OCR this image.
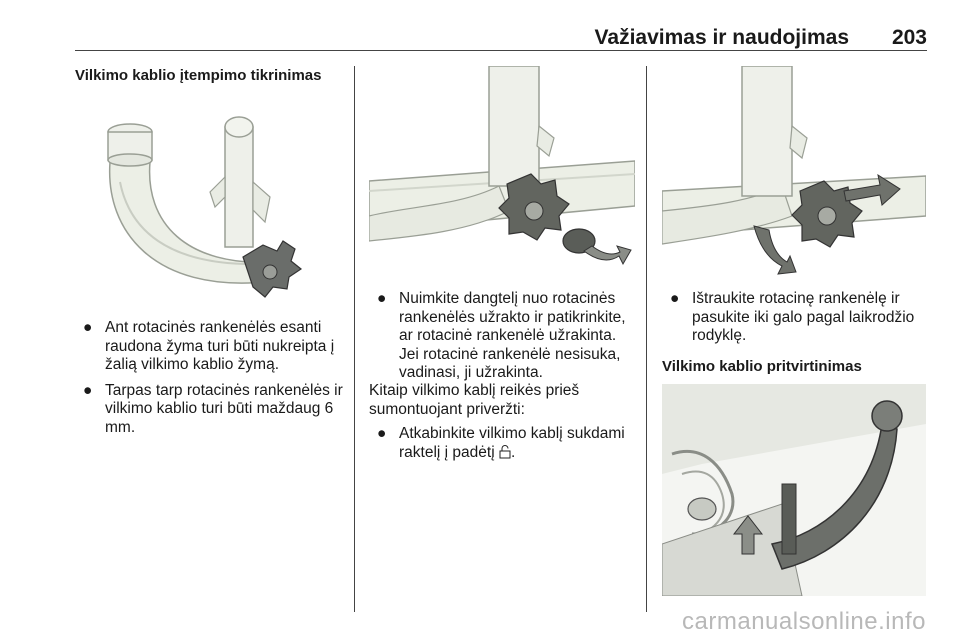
Važiavimas ir naudojimas 203
Vilkimo kablio įtempimo tikrinimas
● Ant rotacinės rankenėlės esanti raudona žyma turi būti nukreipta į žalią vilkimo kablio žymą.
● Tarpas tarp rotacinės rankenėlės ir vilkimo kablio turi būti maždaug 6 mm.
● Nuimkite dangtelį nuo rotacinės rankenėlės užrakto ir patikrinkite, ar rotacinė rankenėlė užrakinta. Jei rotacinė rankenėlė nesisuka, vadinasi, ji užrakinta.

Kitaip vilkimo kablį reikės prieš sumontuojant priveržti:

● Atkabinkite vilkimo kablį sukdami raktelį į padėtį .
● Ištraukite rotacinę rankenėlę ir pasukite iki galo pagal laikrodžio rodyklę.
Vilkimo kablio pritvirtinimas
carmanualsonline.info
